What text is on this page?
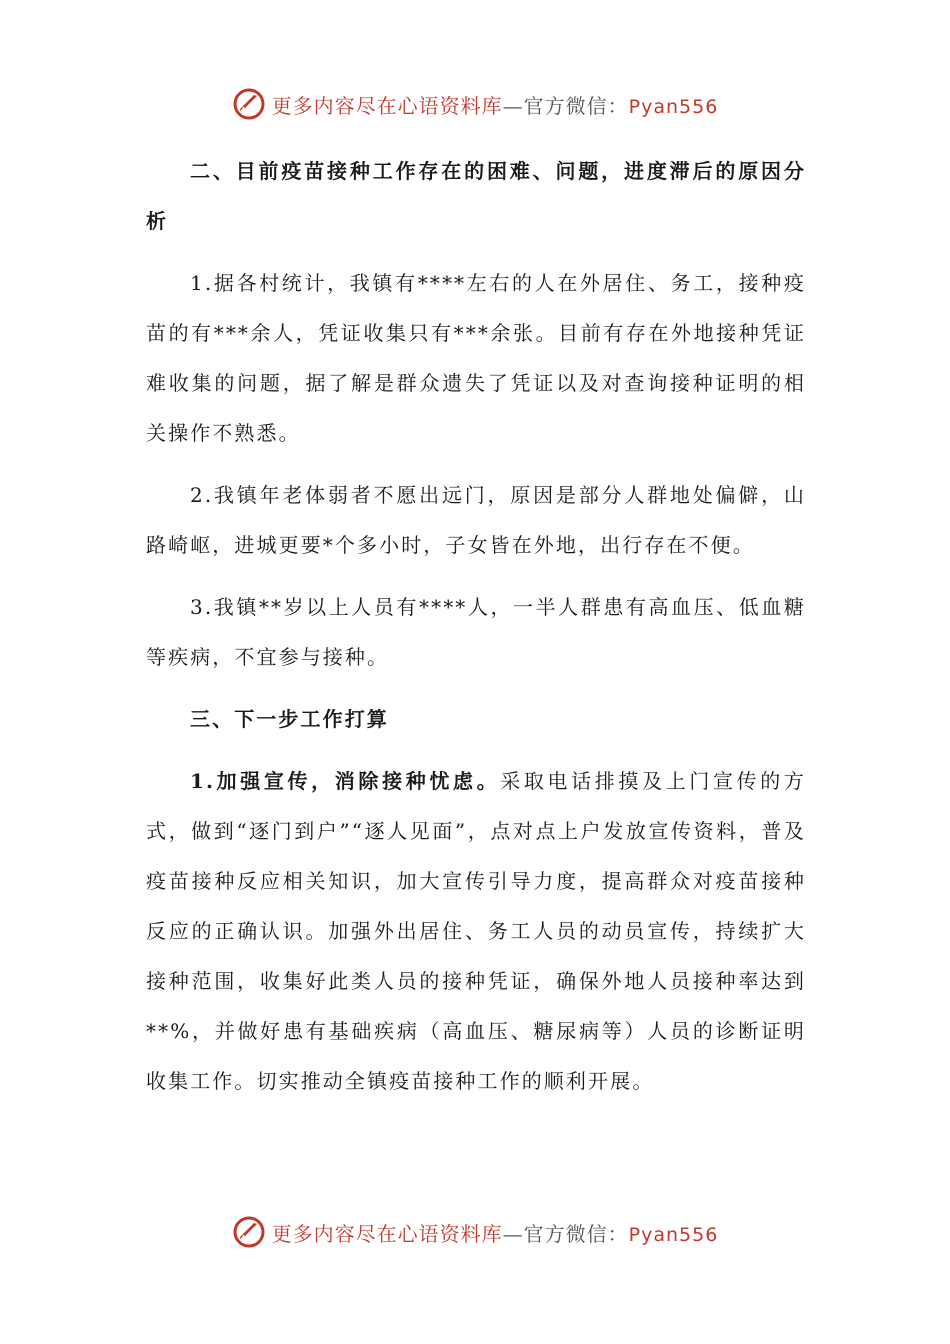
更多内容尽在心语资料库—官方微信：Pyan556

二、目前疫苗接种工作存在的困难、问题，进度滞后的原因分析

1.据各村统计，我镇有****左右的人在外居住、务工，接种疫苗的有***余人，凭证收集只有***余张。目前有存在外地接种凭证难收集的问题，据了解是群众遗失了凭证以及对查询接种证明的相关操作不熟悉。

2.我镇年老体弱者不愿出远门，原因是部分人群地处偏僻，山路崎岖，进城更要*个多小时，子女皆在外地，出行存在不便。

3.我镇**岁以上人员有****人，一半人群患有高血压、低血糖等疾病，不宜参与接种。

三、下一步工作打算

1.加强宣传，消除接种忧虑。采取电话排摸及上门宣传的方式，做到“逐门到户”“逐人见面”，点对点上户发放宣传资料，普及疫苗接种反应相关知识，加大宣传引导力度，提高群众对疫苗接种反应的正确认识。加强外出居住、务工人员的动员宣传，持续扩大接种范围，收集好此类人员的接种凭证，确保外地人员接种率达到**%，并做好患有基础疾病（高血压、糖尿病等）人员的诊断证明收集工作。切实推动全镇疫苗接种工作的顺利开展。

更多内容尽在心语资料库—官方微信：Pyan556
